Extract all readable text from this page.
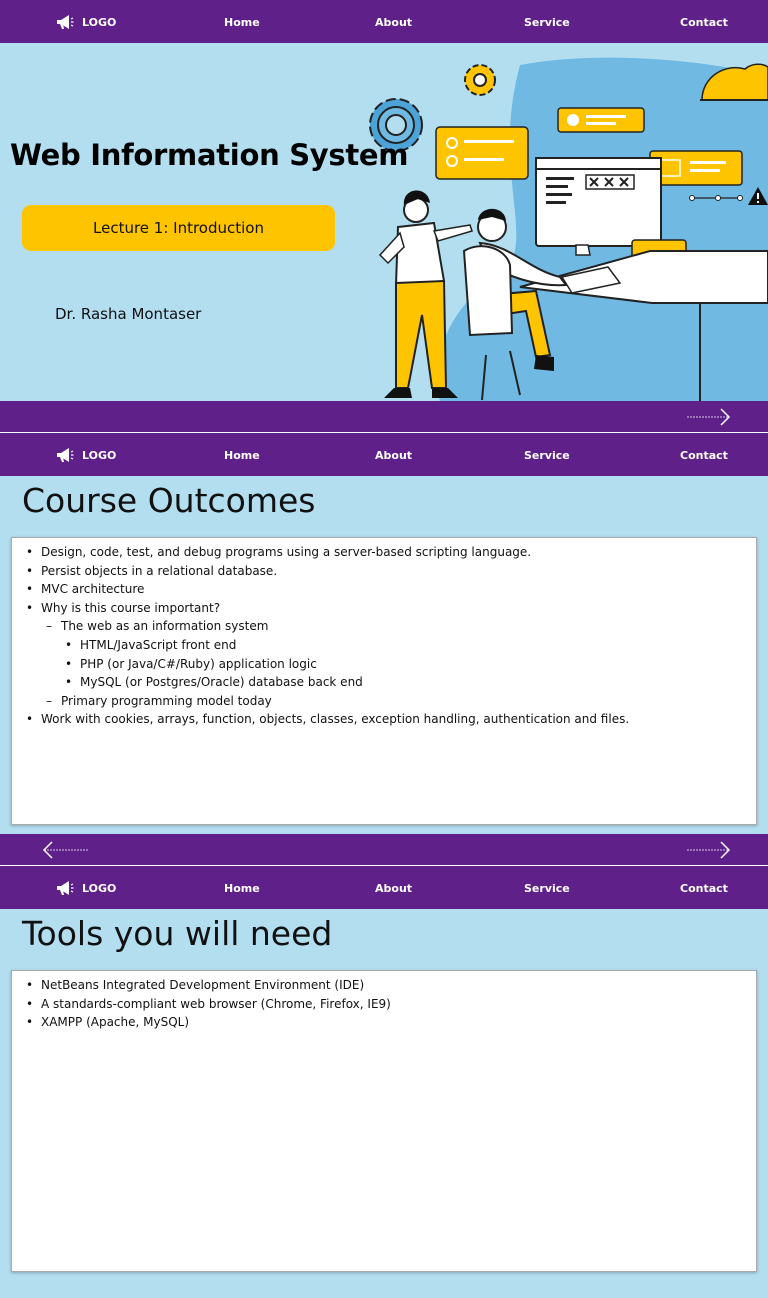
LOGO	Home	About	Service	Contact
Web Information System
Lecture 1: Introduction
Dr. Rasha Montaser
LOGO	Home	About	Service	Contact
Course Outcomes
• Design, code, test, and debug programs using a server-based scripting language.
• Persist objects in a relational database.
• MVC architecture
• Why is this course important?
– The web as an information system
• HTML/JavaScript front end
• PHP (or Java/C#/Ruby) application logic
• MySQL (or Postgres/Oracle) database back end
– Primary programming model today
• Work with cookies, arrays, function, objects, classes, exception handling, authentication and files.
LOGO	Home	About	Service	Contact
Tools you will need
• NetBeans Integrated Development Environment (IDE)
• A standards-compliant web browser (Chrome, Firefox, IE9)
• XAMPP (Apache, MySQL)
